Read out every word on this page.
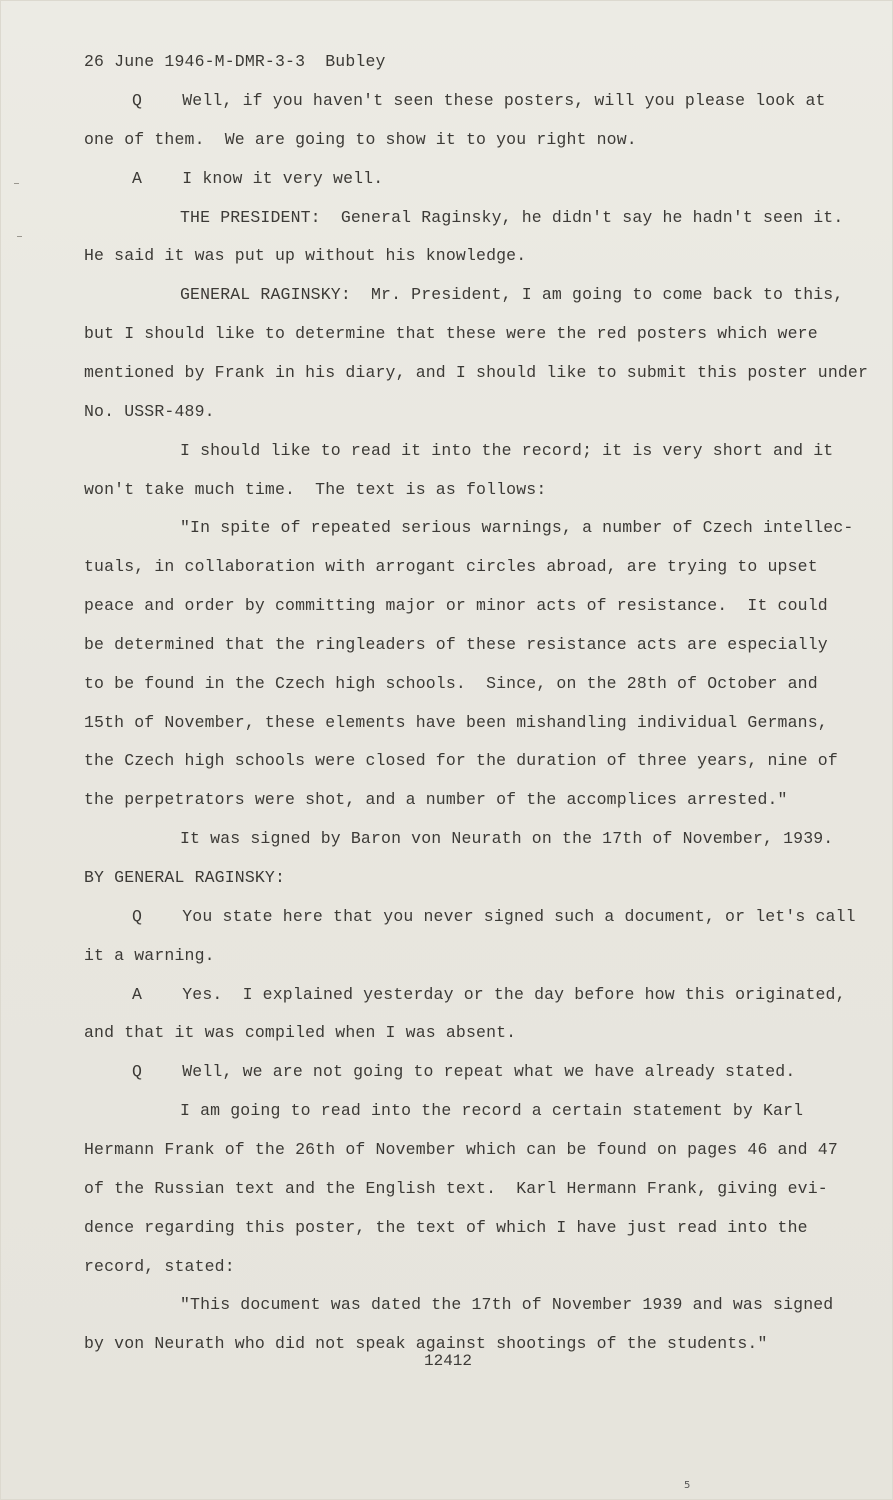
26 June 1946-M-DMR-3-3  Bubley
Q    Well, if you haven't seen these posters, will you please look at
one of them.  We are going to show it to you right now.
A    I know it very well.
THE PRESIDENT:  General Raginsky, he didn't say he hadn't seen it.
He said it was put up without his knowledge.
GENERAL RAGINSKY:  Mr. President, I am going to come back to this,
but I should like to determine that these were the red posters which were
mentioned by Frank in his diary, and I should like to submit this poster under
No. USSR-489.
I should like to read it into the record; it is very short and it
won't take much time.  The text is as follows:
"In spite of repeated serious warnings, a number of Czech intellec-
tuals, in collaboration with arrogant circles abroad, are trying to upset
peace and order by committing major or minor acts of resistance.  It could
be determined that the ringleaders of these resistance acts are especially
to be found in the Czech high schools.  Since, on the 28th of October and
15th of November, these elements have been mishandling individual Germans,
the Czech high schools were closed for the duration of three years, nine of
the perpetrators were shot, and a number of the accomplices arrested."
It was signed by Baron von Neurath on the 17th of November, 1939.
BY GENERAL RAGINSKY:
Q    You state here that you never signed such a document, or let's call
it a warning.
A    Yes.  I explained yesterday or the day before how this originated,
and that it was compiled when I was absent.
Q    Well, we are not going to repeat what we have already stated.
I am going to read into the record a certain statement by Karl
Hermann Frank of the 26th of November which can be found on pages 46 and 47
of the Russian text and the English text.  Karl Hermann Frank, giving evi-
dence regarding this poster, the text of which I have just read into the
record, stated:
"This document was dated the 17th of November 1939 and was signed
by von Neurath who did not speak against shootings of the students."
12412
5
